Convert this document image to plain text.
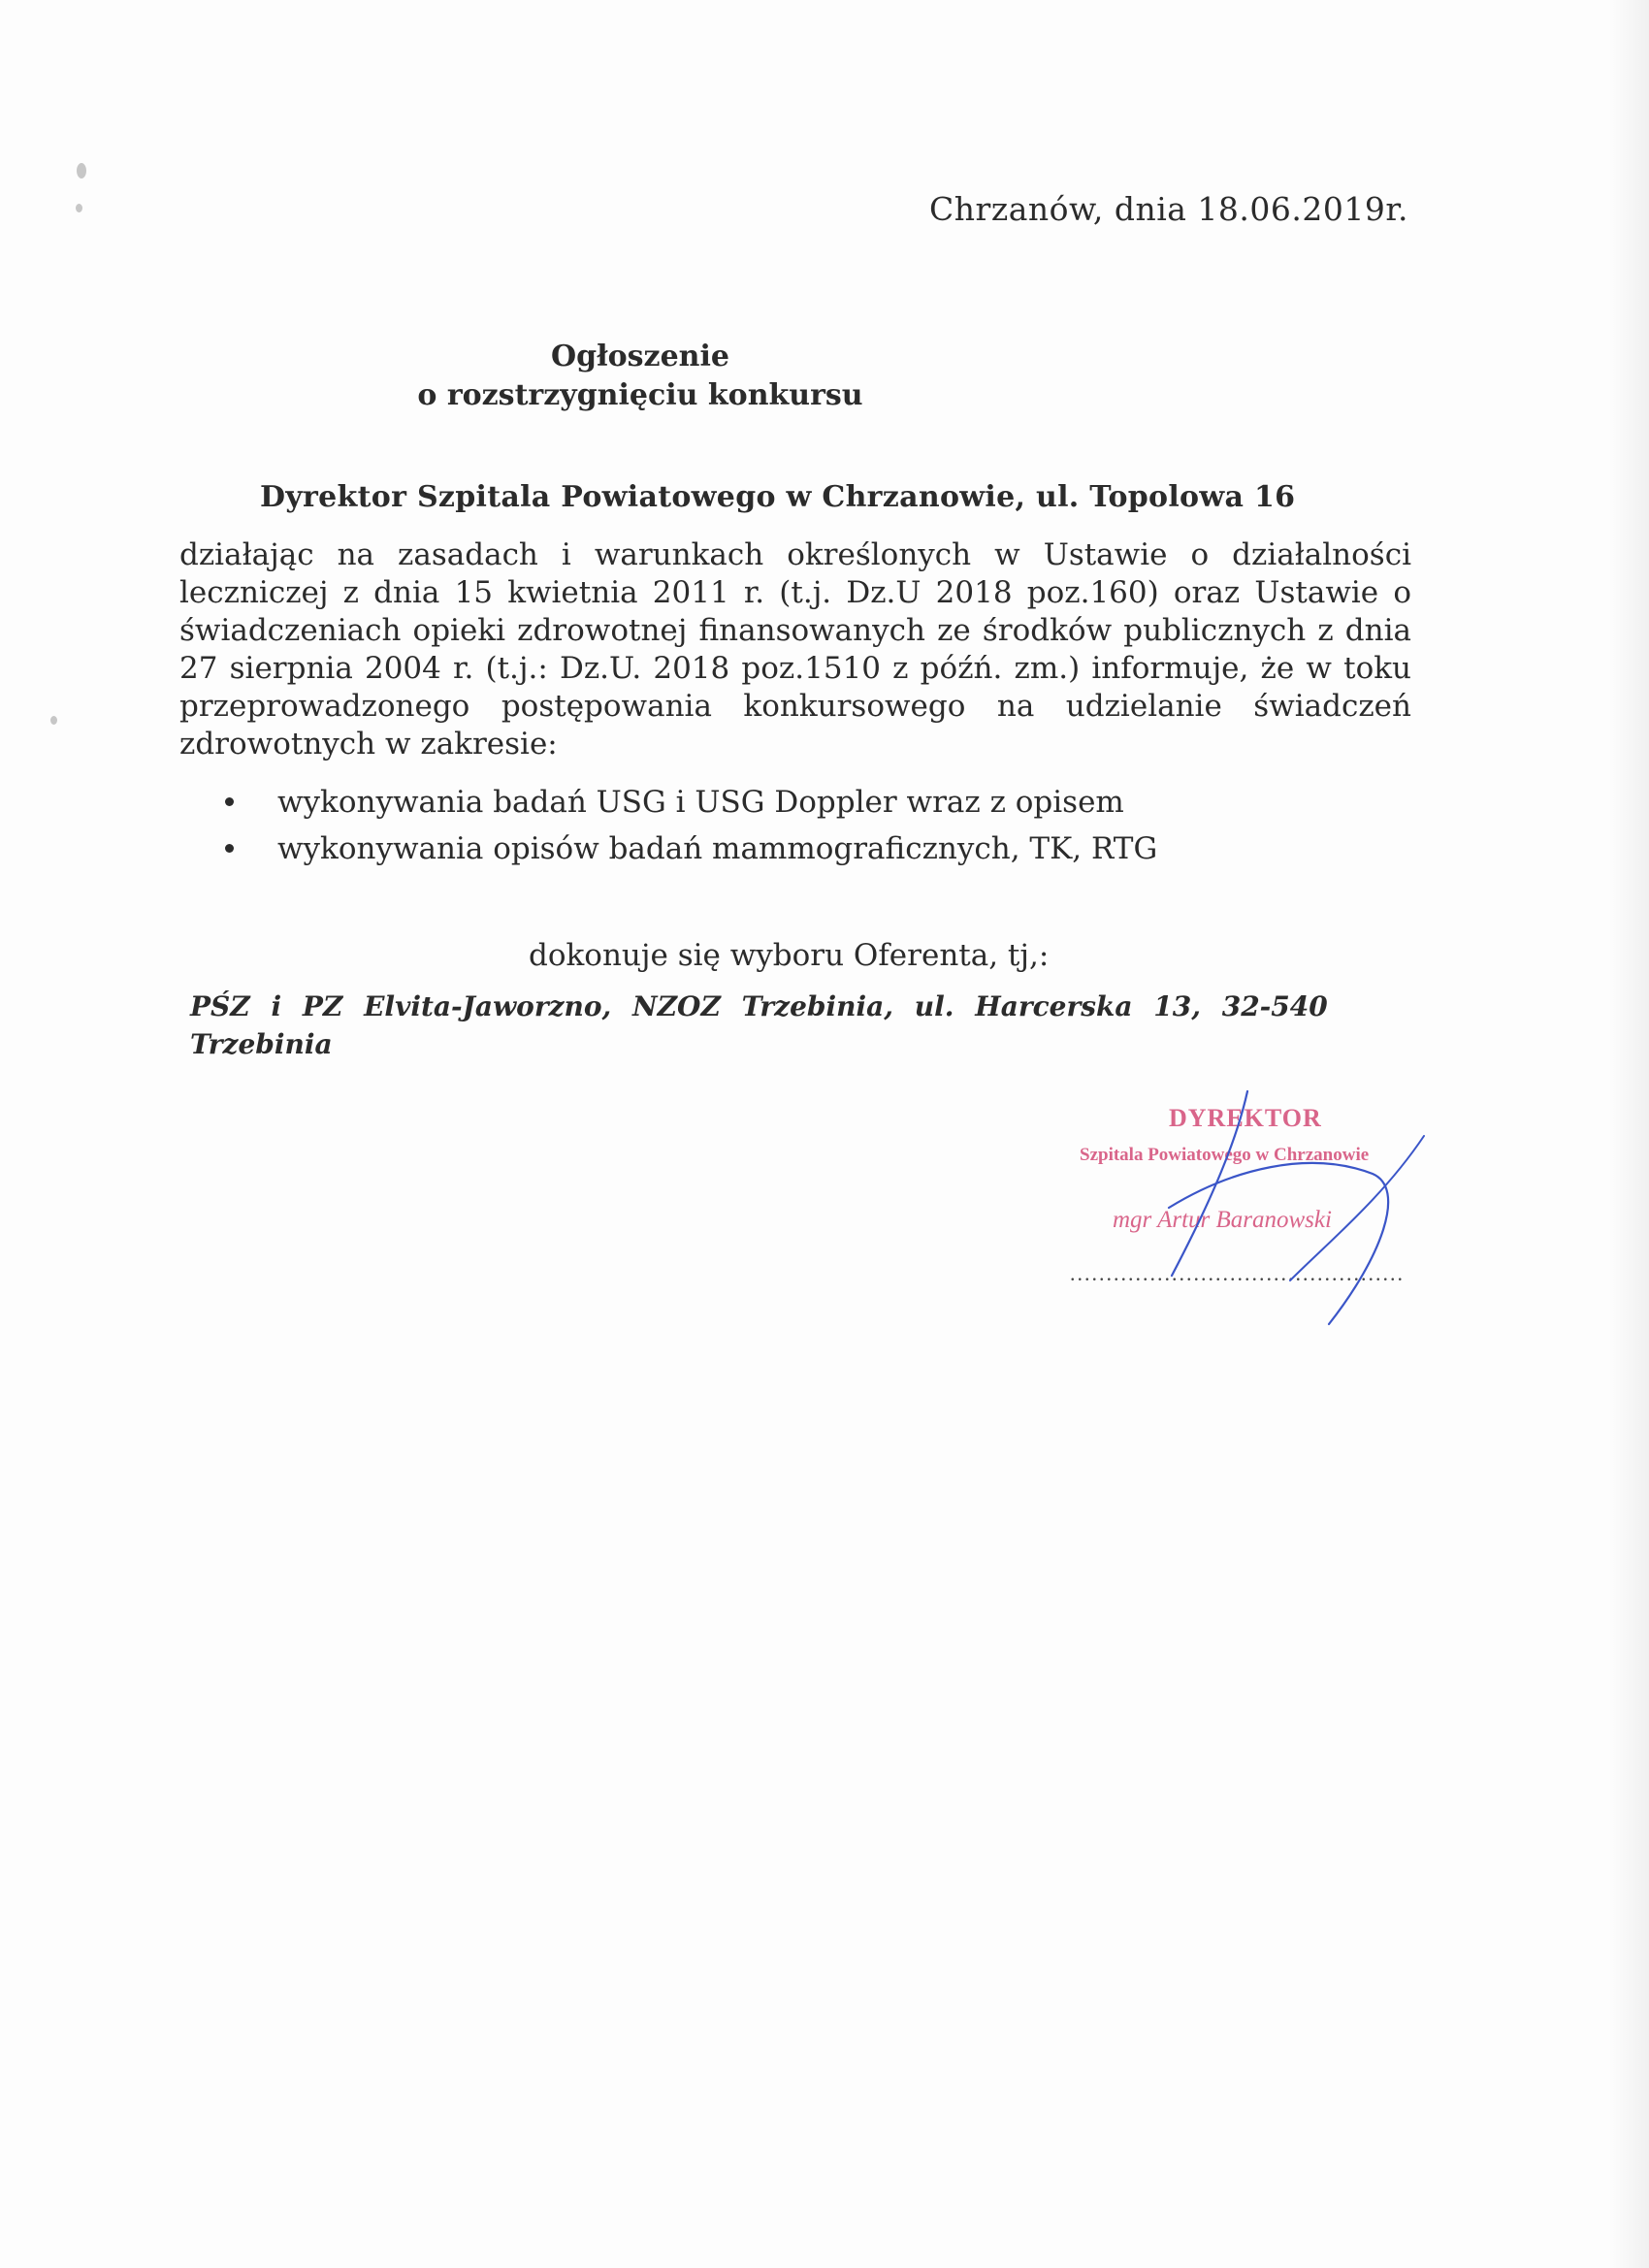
Chrzanów, dnia 18.06.2019r.
Ogłoszenie
o rozstrzygnięciu konkursu
Dyrektor Szpitala Powiatowego w Chrzanowie, ul. Topolowa 16
działając na zasadach i warunkach określonych w Ustawie o działalności leczniczej z dnia 15 kwietnia 2011 r. (t.j. Dz.U 2018 poz.160) oraz Ustawie o świadczeniach opieki zdrowotnej finansowanych ze środków publicznych z dnia 27 sierpnia 2004 r. (t.j.: Dz.U. 2018 poz.1510 z późń. zm.) informuje, że w toku przeprowadzonego postępowania konkursowego na udzielanie świadczeń zdrowotnych w zakresie:
wykonywania badań USG i USG Doppler wraz z opisem
wykonywania opisów badań mammograficznych, TK, RTG
dokonuje się wyboru Oferenta, tj,:
PŚZ i PZ Elvita-Jaworzno, NZOZ Trzebinia, ul. Harcerska 13, 32-540 Trzebinia
DYREKTOR
Szpitala Powiatowego w Chrzanowie
mgr Artur Baranowski
..............................................
